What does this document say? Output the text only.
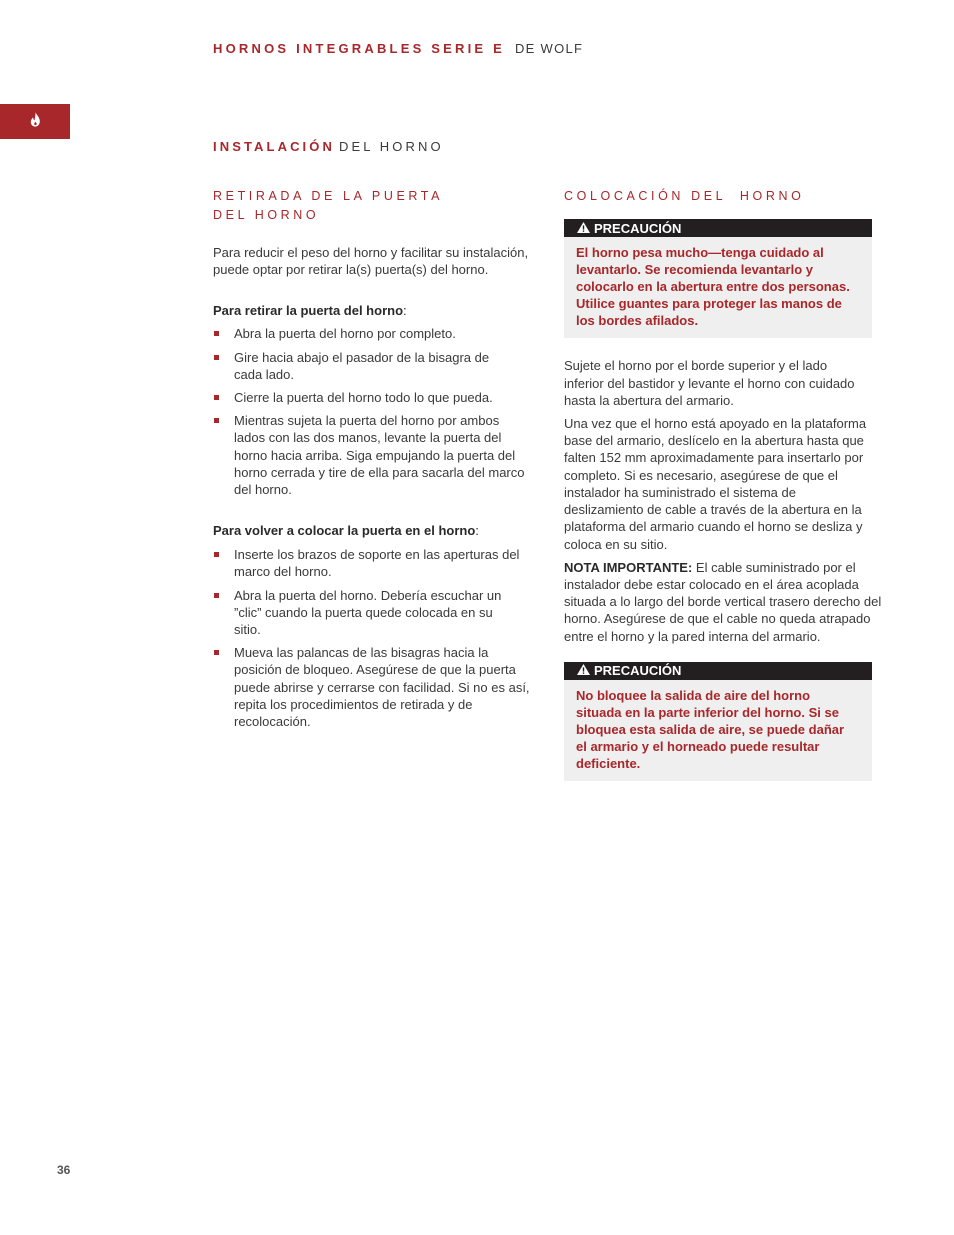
HORNOS INTEGRABLES SERIE E DE WOLF
INSTALACIÓN DEL HORNO
RETIRADA DE LA PUERTA DEL HORNO

Para reducir el peso del horno y facilitar su instalación, puede optar por retirar la(s) puerta(s) del horno.

Para retirar la puerta del horno:
Abra la puerta del horno por completo.
Gire hacia abajo el pasador de la bisagra de cada lado.
Cierre la puerta del horno todo lo que pueda.
Mientras sujeta la puerta del horno por ambos lados con las dos manos, levante la puerta del horno hacia arriba. Siga empujando la puerta del horno cerrada y tire de ella para sacarla del marco del horno.
Para volver a colocar la puerta en el horno:
Inserte los brazos de soporte en las aperturas del marco del horno.
Abra la puerta del horno. Debería escuchar un ”clic” cuando la puerta quede colocada en su sitio.
Mueva las palancas de las bisagras hacia la posición de bloqueo. Asegúrese de que la puerta puede abrirse y cerrarse con facilidad. Si no es así, repita los procedimientos de retirada y de recolocación.
COLOCACIÓN DEL  HORNO
PRECAUCIÓN
El horno pesa mucho—tenga cuidado al levantarlo. Se recomienda levantarlo y colocarlo en la abertura entre dos personas. Utilice guantes para proteger las manos de los bordes afilados.

Sujete el horno por el borde superior y el lado inferior del bastidor y levante el horno con cuidado hasta la abertura del armario.

Una vez que el horno está apoyado en la plataforma base del armario, deslícelo en la abertura hasta que falten 152 mm aproximadamente para insertarlo por completo. Si es necesario, asegúrese de que el instalador ha suministrado el sistema de deslizamiento de cable a través de la abertura en la plataforma del armario cuando el horno se desliza y coloca en su sitio.

NOTA IMPORTANTE: El cable suministrado por el instalador debe estar colocado en el área acoplada situada a lo largo del borde vertical trasero derecho del horno. Asegúrese de que el cable no queda atrapado entre el horno y la pared interna del armario.

PRECAUCIÓN
No bloquee la salida de aire del horno situada en la parte inferior del horno. Si se bloquea esta salida de aire, se puede dañar el armario y el horneado puede resultar deficiente.
36
